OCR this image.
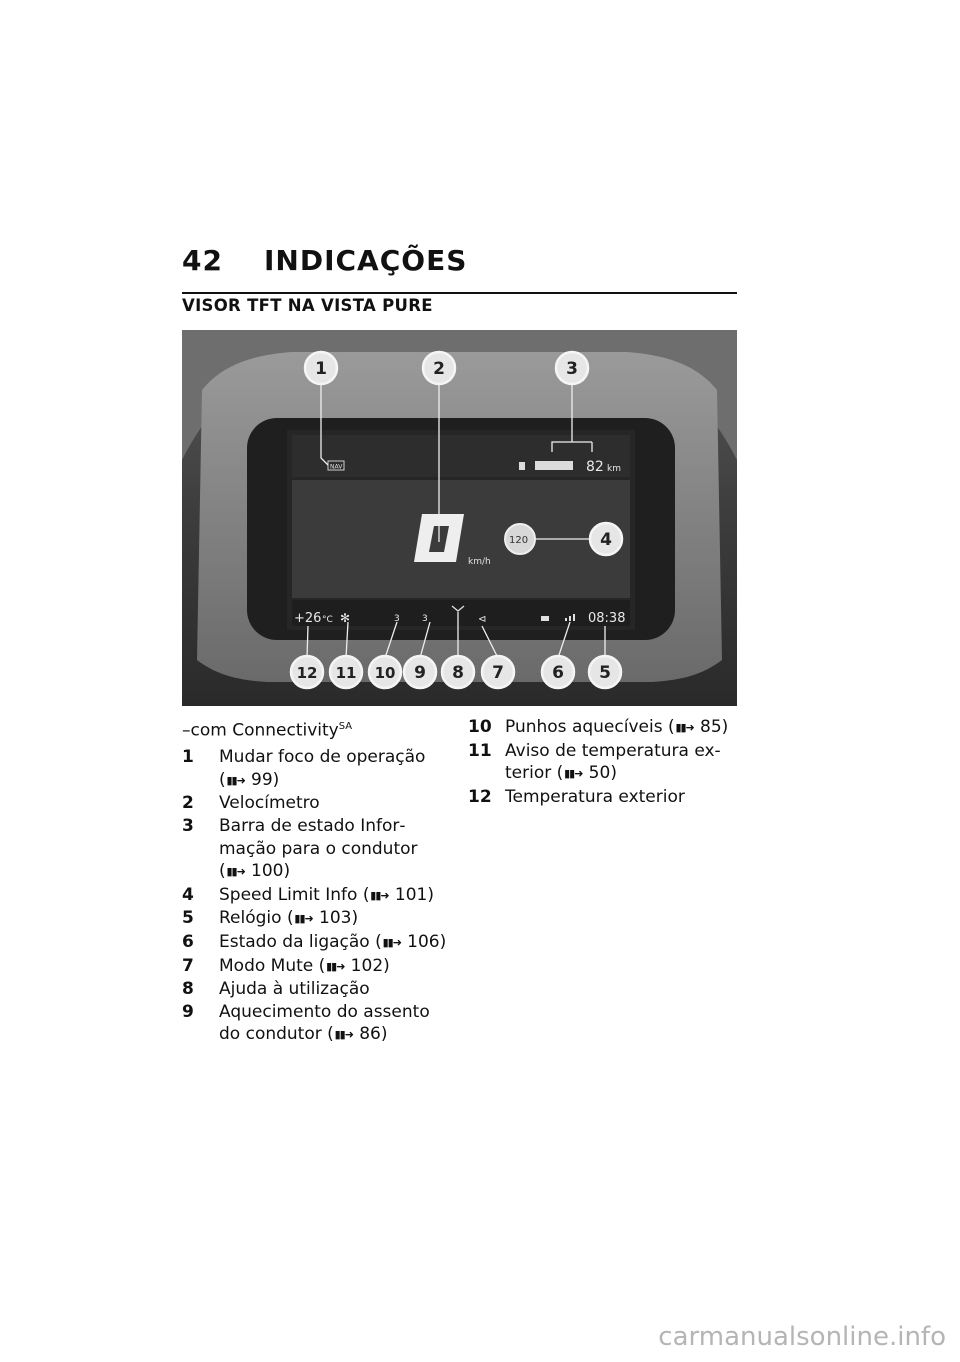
42 INDICAÇÕES
VISOR TFT NA VISTA PURE
NAV	82 km
km/h
120
+26 °C ✻	3 3	⊲	08:38
1	2	3
4
5
6
7
8
9
10
11
12
–com Connectivity$^{SA}$
1 Mudar foco de operação (▮▮➜ 99)
2 Velocímetro
3 Barra de estado Informação para o condutor (▮▮➜ 100)
4 Speed Limit Info (▮▮➜ 101)
5 Relógio (▮▮➜ 103)
6 Estado da ligação (▮▮➜ 106)
7 Modo Mute (▮▮➜ 102)
8 Ajuda à utilização
9 Aquecimento do assento do condutor (▮▮➜ 86)
10 Punhos aquecíveis (▮▮➜ 85)
11 Aviso de temperatura exterior (▮▮➜ 50)
12 Temperatura exterior
carmanualsonline.info
